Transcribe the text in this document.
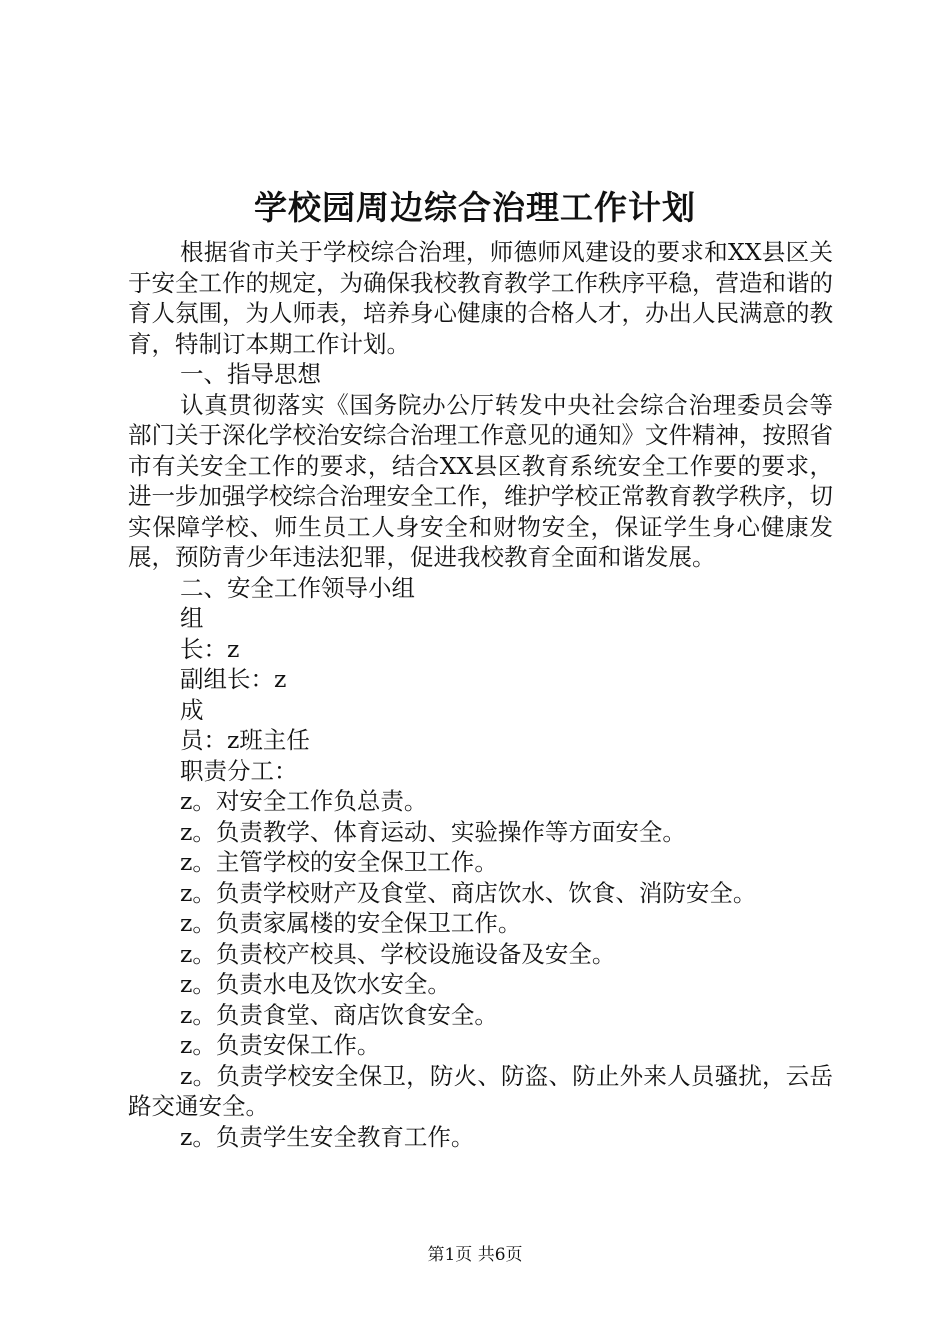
学校园周边综合治理工作计划

根据省市关于学校综合治理，师德师风建设的要求和XX县区关于安全工作的规定，为确保我校教育教学工作秩序平稳，营造和谐的育人氛围，为人师表，培养身心健康的合格人才，办出人民满意的教育，特制订本期工作计划。

一、指导思想

认真贯彻落实《国务院办公厅转发中央社会综合治理委员会等部门关于深化学校治安综合治理工作意见的通知》文件精神，按照省市有关安全工作的要求，结合XX县区教育系统安全工作要的要求，进一步加强学校综合治理安全工作，维护学校正常教育教学秩序，切实保障学校、师生员工人身安全和财物安全，保证学生身心健康发展，预防青少年违法犯罪，促进我校教育全面和谐发展。

二、安全工作领导小组

组

长：z

副组长：z

成

员：z班主任

职责分工：

z。对安全工作负总责。

z。负责教学、体育运动、实验操作等方面安全。

z。主管学校的安全保卫工作。

z。负责学校财产及食堂、商店饮水、饮食、消防安全。

z。负责家属楼的安全保卫工作。

z。负责校产校具、学校设施设备及安全。

z。负责水电及饮水安全。

z。负责食堂、商店饮食安全。

z。负责安保工作。

z。负责学校安全保卫，防火、防盗、防止外来人员骚扰，云岳路交通安全。

z。负责学生安全教育工作。

第1页 共6页
